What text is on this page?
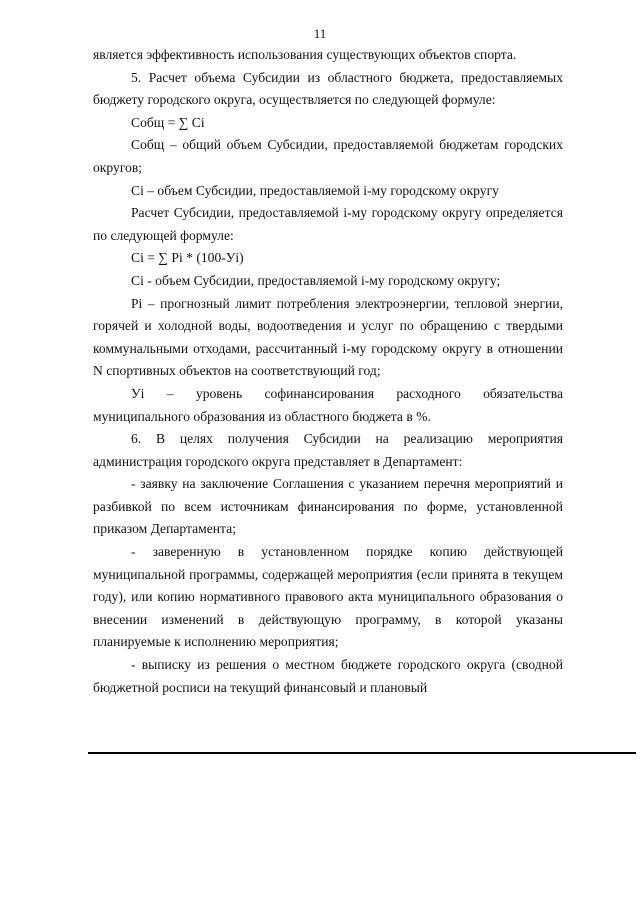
11

является эффективность использования существующих объектов спорта.

5. Расчет объема Субсидии из областного бюджета, предоставляемых бюджету городского округа, осуществляется по следующей формуле:

Собщ = ∑ Ci

Собщ – общий объем Субсидии, предоставляемой бюджетам городских округов;

Ci – объем Субсидии, предоставляемой i-му городскому округу

Расчет Субсидии, предоставляемой i-му городскому округу определяется по следующей формуле:

Ci = ∑ Pi * (100-Уi)

Ci - объем Субсидии, предоставляемой i-му городскому округу;

Pi – прогнозный лимит потребления электроэнергии, тепловой энергии, горячей и холодной воды, водоотведения и услуг по обращению с твердыми коммунальными отходами, рассчитанный i-му городскому округу в отношении N спортивных объектов на соответствующий год;

Уi – уровень софинансирования расходного обязательства муниципального образования из областного бюджета в %.

6. В целях получения Субсидии на реализацию мероприятия администрация городского округа представляет в Департамент:

- заявку на заключение Соглашения с указанием перечня мероприятий и разбивкой по всем источникам финансирования по форме, установленной приказом Департамента;

- заверенную в установленном порядке копию действующей муниципальной программы, содержащей мероприятия (если принята в текущем году), или копию нормативного правового акта муниципального образования о внесении изменений в действующую программу, в которой указаны планируемые к исполнению мероприятия;

- выписку из решения о местном бюджете городского округа (сводной бюджетной росписи на текущий финансовый и плановый
